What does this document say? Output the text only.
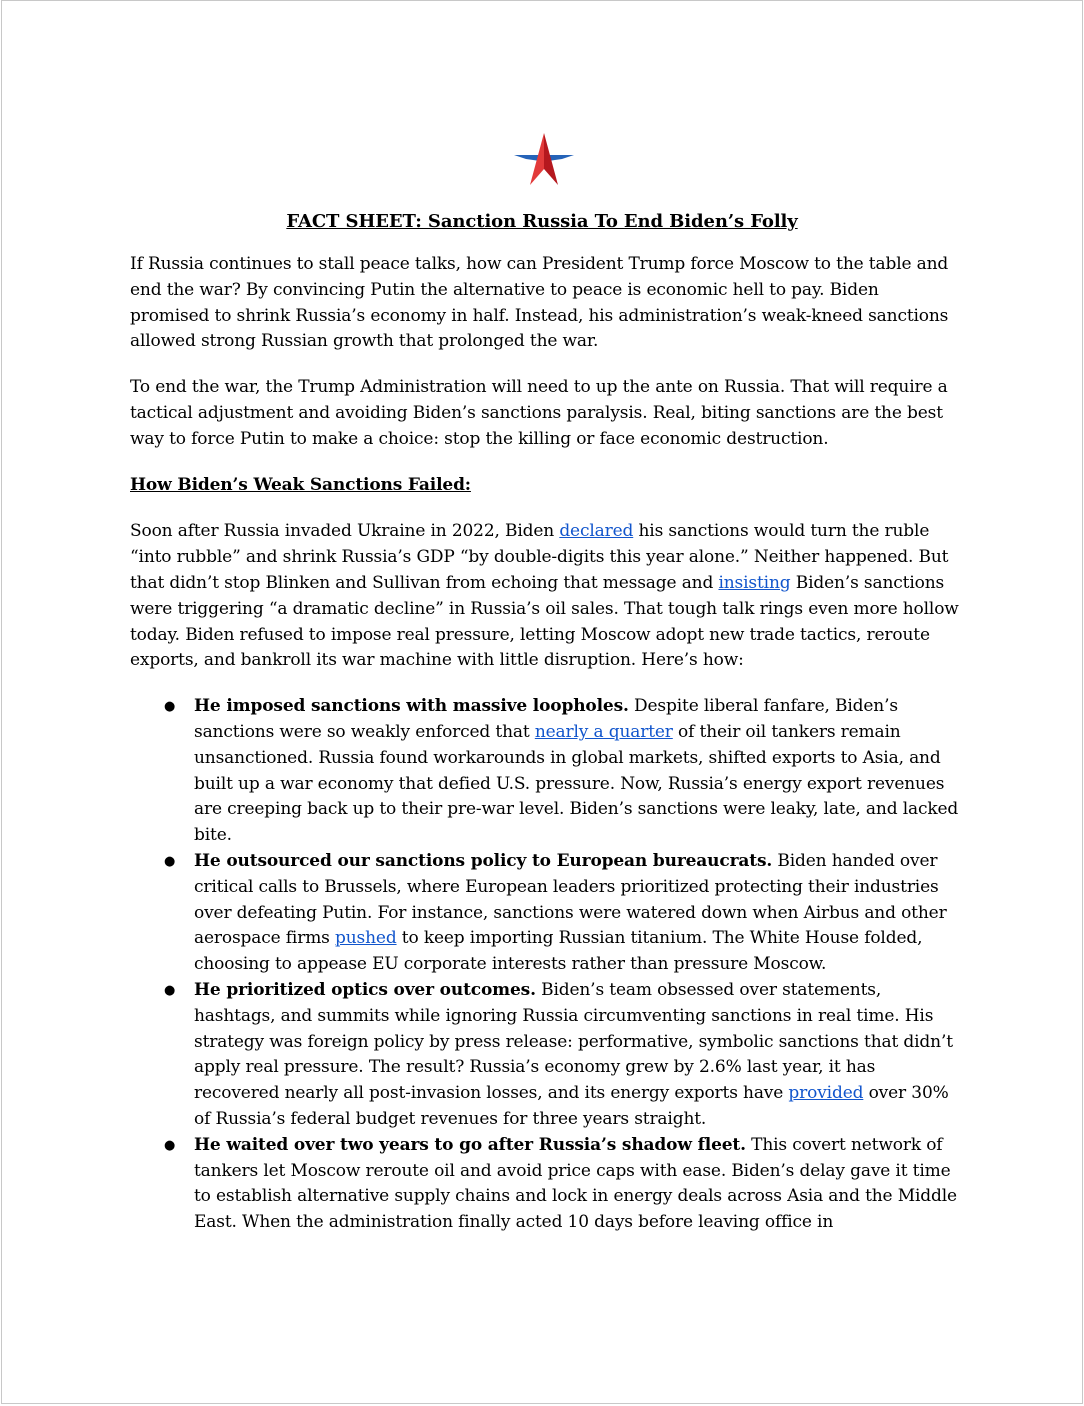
FACT SHEET: Sanction Russia To End Biden’s Folly

If Russia continues to stall peace talks, how can President Trump force Moscow to the table and end the war? By convincing Putin the alternative to peace is economic hell to pay. Biden promised to shrink Russia’s economy in half. Instead, his administration’s weak-kneed sanctions allowed strong Russian growth that prolonged the war.

To end the war, the Trump Administration will need to up the ante on Russia. That will require a tactical adjustment and avoiding Biden’s sanctions paralysis. Real, biting sanctions are the best way to force Putin to make a choice: stop the killing or face economic destruction.

How Biden’s Weak Sanctions Failed:

Soon after Russia invaded Ukraine in 2022, Biden declared his sanctions would turn the ruble “into rubble” and shrink Russia’s GDP “by double-digits this year alone.” Neither happened. But that didn’t stop Blinken and Sullivan from echoing that message and insisting Biden’s sanctions were triggering “a dramatic decline” in Russia’s oil sales. That tough talk rings even more hollow today. Biden refused to impose real pressure, letting Moscow adopt new trade tactics, reroute exports, and bankroll its war machine with little disruption. Here’s how:

● He imposed sanctions with massive loopholes. Despite liberal fanfare, Biden’s sanctions were so weakly enforced that nearly a quarter of their oil tankers remain unsanctioned. Russia found workarounds in global markets, shifted exports to Asia, and built up a war economy that defied U.S. pressure. Now, Russia’s energy export revenues are creeping back up to their pre-war level. Biden’s sanctions were leaky, late, and lacked bite.
● He outsourced our sanctions policy to European bureaucrats. Biden handed over critical calls to Brussels, where European leaders prioritized protecting their industries over defeating Putin. For instance, sanctions were watered down when Airbus and other aerospace firms pushed to keep importing Russian titanium. The White House folded, choosing to appease EU corporate interests rather than pressure Moscow.
● He prioritized optics over outcomes. Biden’s team obsessed over statements, hashtags, and summits while ignoring Russia circumventing sanctions in real time. His strategy was foreign policy by press release: performative, symbolic sanctions that didn’t apply real pressure. The result? Russia’s economy grew by 2.6% last year, it has recovered nearly all post-invasion losses, and its energy exports have provided over 30% of Russia’s federal budget revenues for three years straight.
● He waited over two years to go after Russia’s shadow fleet. This covert network of tankers let Moscow reroute oil and avoid price caps with ease. Biden’s delay gave it time to establish alternative supply chains and lock in energy deals across Asia and the Middle East. When the administration finally acted 10 days before leaving office in
